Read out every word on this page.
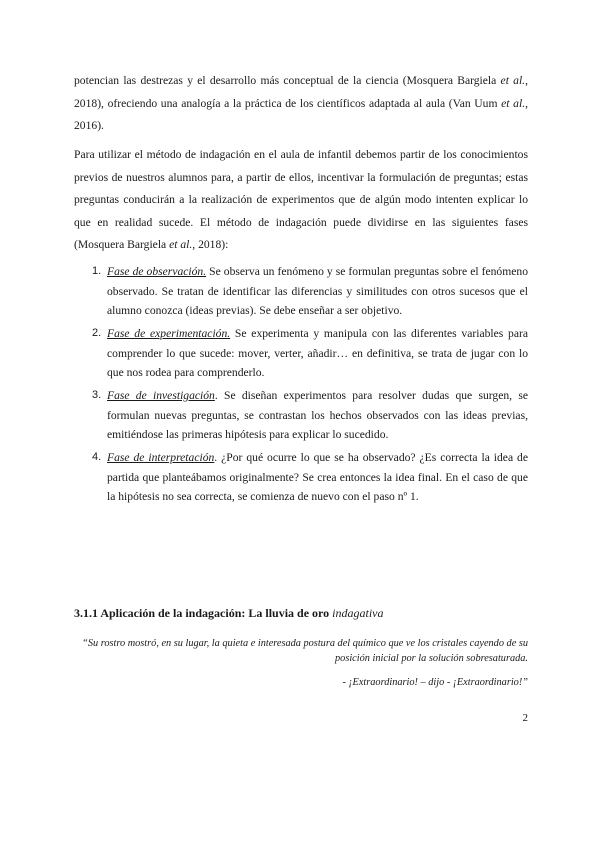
potencian las destrezas y el desarrollo más conceptual de la ciencia (Mosquera Bargiela et al., 2018), ofreciendo una analogía a la práctica de los científicos adaptada al aula (Van Uum et al., 2016).

Para utilizar el método de indagación en el aula de infantil debemos partir de los conocimientos previos de nuestros alumnos para, a partir de ellos, incentivar la formulación de preguntas; estas preguntas conducirán a la realización de experimentos que de algún modo intenten explicar lo que en realidad sucede. El método de indagación puede dividirse en las siguientes fases (Mosquera Bargiela et al., 2018):

1. Fase de observación. Se observa un fenómeno y se formulan preguntas sobre el fenómeno observado. Se tratan de identificar las diferencias y similitudes con otros sucesos que el alumno conozca (ideas previas). Se debe enseñar a ser objetivo.
2. Fase de experimentación. Se experimenta y manipula con las diferentes variables para comprender lo que sucede: mover, verter, añadir… en definitiva, se trata de jugar con lo que nos rodea para comprenderlo.
3. Fase de investigación. Se diseñan experimentos para resolver dudas que surgen, se formulan nuevas preguntas, se contrastan los hechos observados con las ideas previas, emitiéndose las primeras hipótesis para explicar lo sucedido.
4. Fase de interpretación. ¿Por qué ocurre lo que se ha observado? ¿Es correcta la idea de partida que planteábamos originalmente? Se crea entonces la idea final. En el caso de que la hipótesis no sea correcta, se comienza de nuevo con el paso nº 1.
3.1.1 Aplicación de la indagación: La lluvia de oro indagativa
“Su rostro mostró, en su lugar, la quieta e interesada postura del químico que ve los cristales cayendo de su posición inicial por la solución sobresaturada.
- ¡Extraordinario! – dijo - ¡Extraordinario!”
2
